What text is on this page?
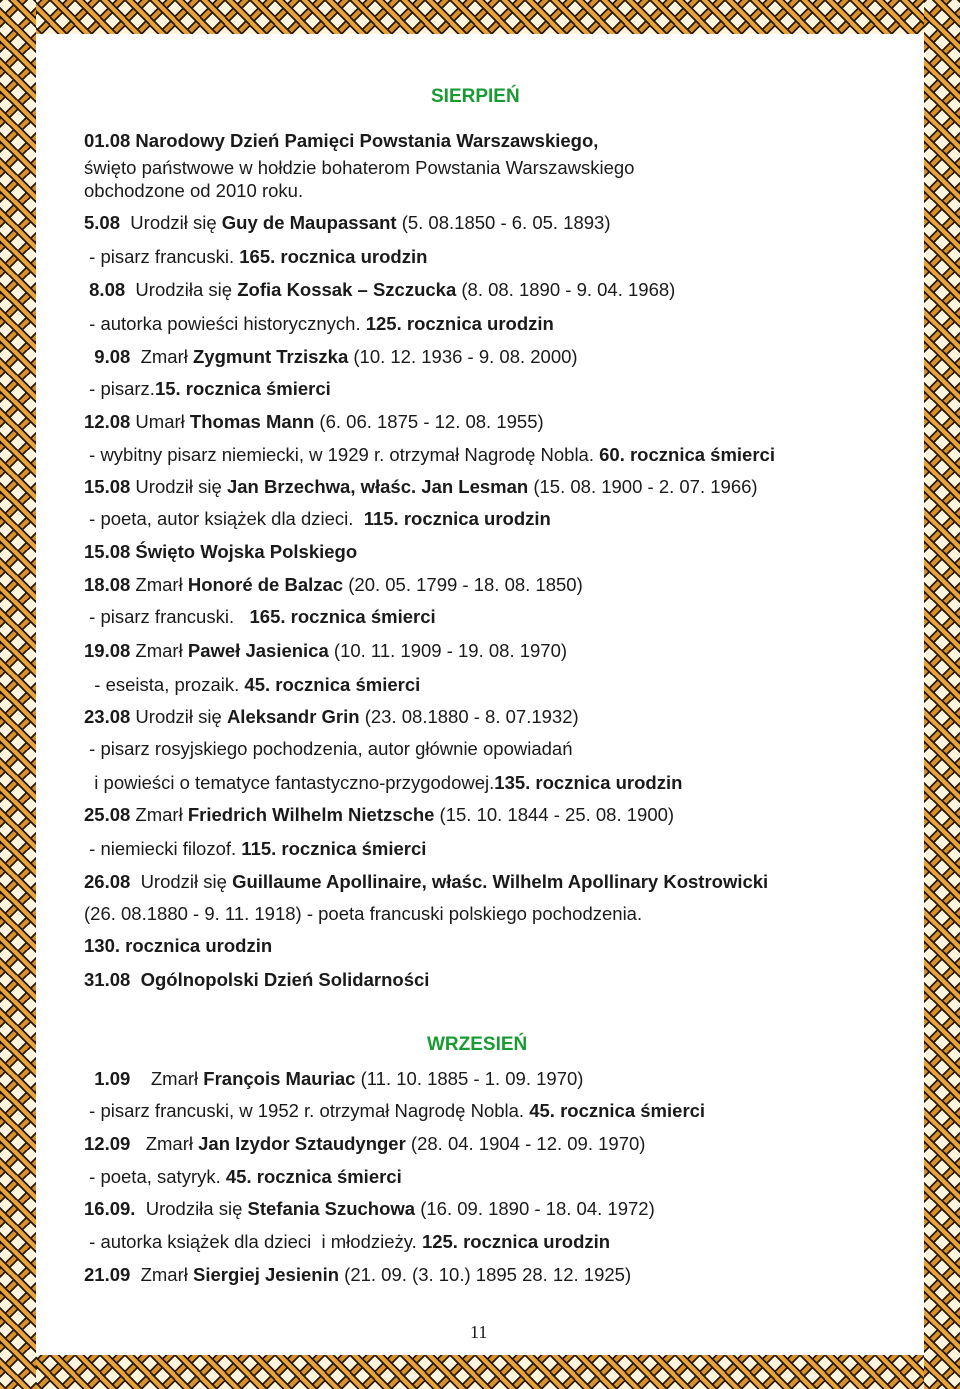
SIERPIEŃ
01.08 Narodowy Dzień Pamięci Powstania Warszawskiego,
święto państwowe w hołdzie bohaterom Powstania Warszawskiego
obchodzone od 2010 roku.
5.08  Urodził się Guy de Maupassant (5. 08.1850 - 6. 05. 1893)
- pisarz francuski. 165. rocznica urodzin
8.08  Urodziła się Zofia Kossak – Szczucka (8. 08. 1890 - 9. 04. 1968)
- autorka powieści historycznych. 125. rocznica urodzin
9.08  Zmarł Zygmunt Trziszka (10. 12. 1936 - 9. 08. 2000)
- pisarz.15. rocznica śmierci
12.08 Umarł Thomas Mann (6. 06. 1875 - 12. 08. 1955)
- wybitny pisarz niemiecki, w 1929 r. otrzymał Nagrodę Nobla. 60. rocznica śmierci
15.08 Urodził się Jan Brzechwa, właśc. Jan Lesman (15. 08. 1900 - 2. 07. 1966)
- poeta, autor książek dla dzieci.  115. rocznica urodzin
15.08 Święto Wojska Polskiego
18.08 Zmarł Honoré de Balzac (20. 05. 1799 - 18. 08. 1850)
- pisarz francuski.   165. rocznica śmierci
19.08 Zmarł Paweł Jasienica (10. 11. 1909 - 19. 08. 1970)
- eseista, prozaik. 45. rocznica śmierci
23.08 Urodził się Aleksandr Grin (23. 08.1880 - 8. 07.1932)
- pisarz rosyjskiego pochodzenia, autor głównie opowiadań
i powieści o tematyce fantastyczno-przygodowej.135. rocznica urodzin
25.08 Zmarł Friedrich Wilhelm Nietzsche (15. 10. 1844 - 25. 08. 1900)
- niemiecki filozof. 115. rocznica śmierci
26.08  Urodził się Guillaume Apollinaire, właśc. Wilhelm Apollinary Kostrowicki
(26. 08.1880 - 9. 11. 1918) - poeta francuski polskiego pochodzenia.
130. rocznica urodzin
31.08  Ogólnopolski Dzień Solidarności
WRZESIEŃ
1.09    Zmarł François Mauriac (11. 10. 1885 - 1. 09. 1970)
- pisarz francuski, w 1952 r. otrzymał Nagrodę Nobla. 45. rocznica śmierci
12.09   Zmarł Jan Izydor Sztaudynger (28. 04. 1904 - 12. 09. 1970)
- poeta, satyryk. 45. rocznica śmierci
16.09.  Urodziła się Stefania Szuchowa (16. 09. 1890 - 18. 04. 1972)
- autorka książek dla dzieci  i młodzieży. 125. rocznica urodzin
21.09  Zmarł Siergiej Jesienin (21. 09. (3. 10.) 1895 28. 12. 1925)
11
